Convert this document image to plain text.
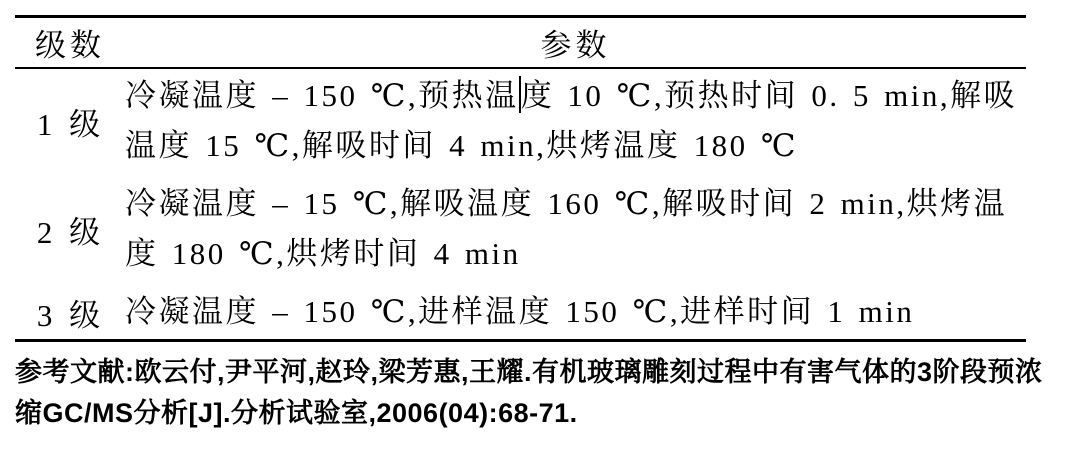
级数	参数
1 级
冷凝温度 – 150 ℃,预热温度 10 ℃,预热时间 0. 5 min,解吸温度 15 ℃,解吸时间 4 min,烘烤温度 180 ℃
2 级
冷凝温度 – 15 ℃,解吸温度 160 ℃,解吸时间 2 min,烘烤温度 180 ℃,烘烤时间 4 min
3 级 冷凝温度 – 150 ℃,进样温度 150 ℃,进样时间 1 min
参考文献:欧云付,尹平河,赵玲,梁芳惠,王耀.有机玻璃雕刻过程中有害气体的3阶段预浓缩GC/MS分析[J].分析试验室,2006(04):68-71.
